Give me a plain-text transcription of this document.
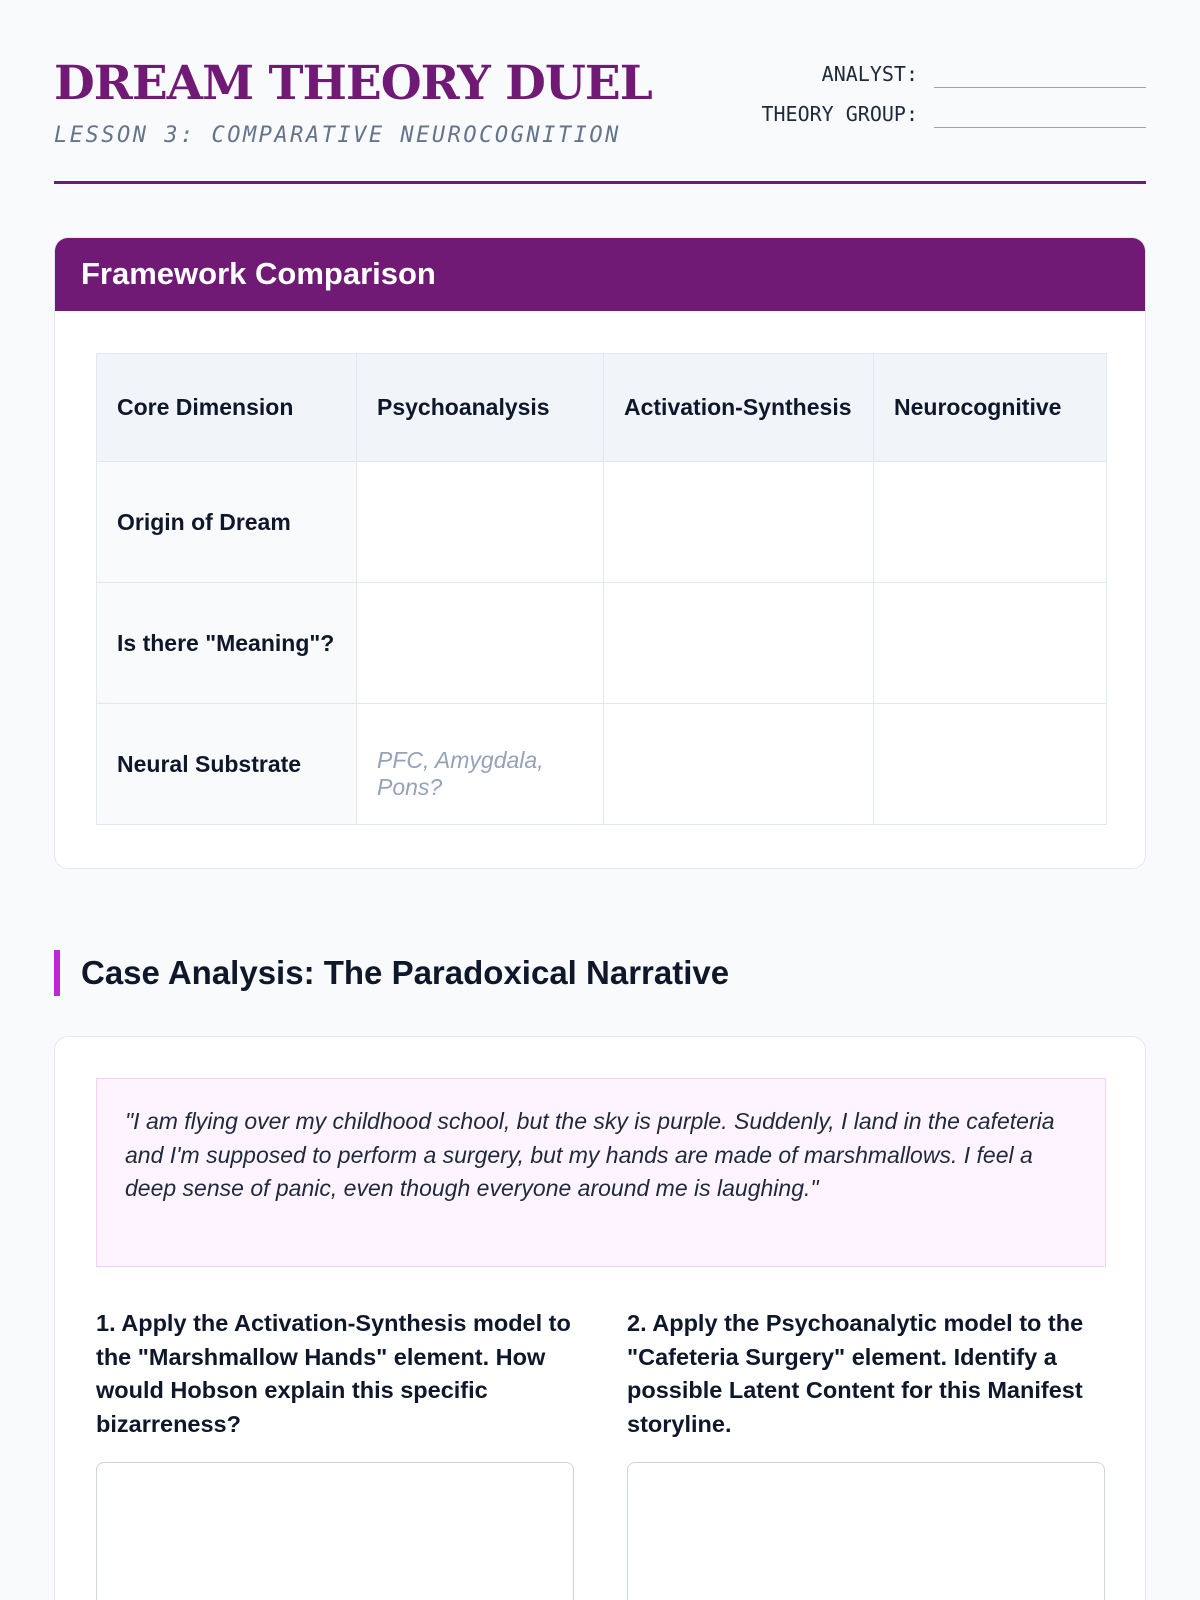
DREAM THEORY DUEL
LESSON 3: COMPARATIVE NEUROCOGNITION
ANALYST:
THEORY GROUP:
Framework Comparison
Core Dimension	Psychoanalysis	Activation-Synthesis	Neurocognitive
Origin of Dream			
Is there "Meaning"?			
Neural Substrate	PFC, Amygdala, Pons?		
Case Analysis: The Paradoxical Narrative
"I am flying over my childhood school, but the sky is purple. Suddenly, I land in the cafeteria and I'm supposed to perform a surgery, but my hands are made of marshmallows. I feel a deep sense of panic, even though everyone around me is laughing."
1. Apply the Activation-Synthesis model to the "Marshmallow Hands" element. How would Hobson explain this specific bizarreness?
2. Apply the Psychoanalytic model to the "Cafeteria Surgery" element. Identify a possible Latent Content for this Manifest storyline.
